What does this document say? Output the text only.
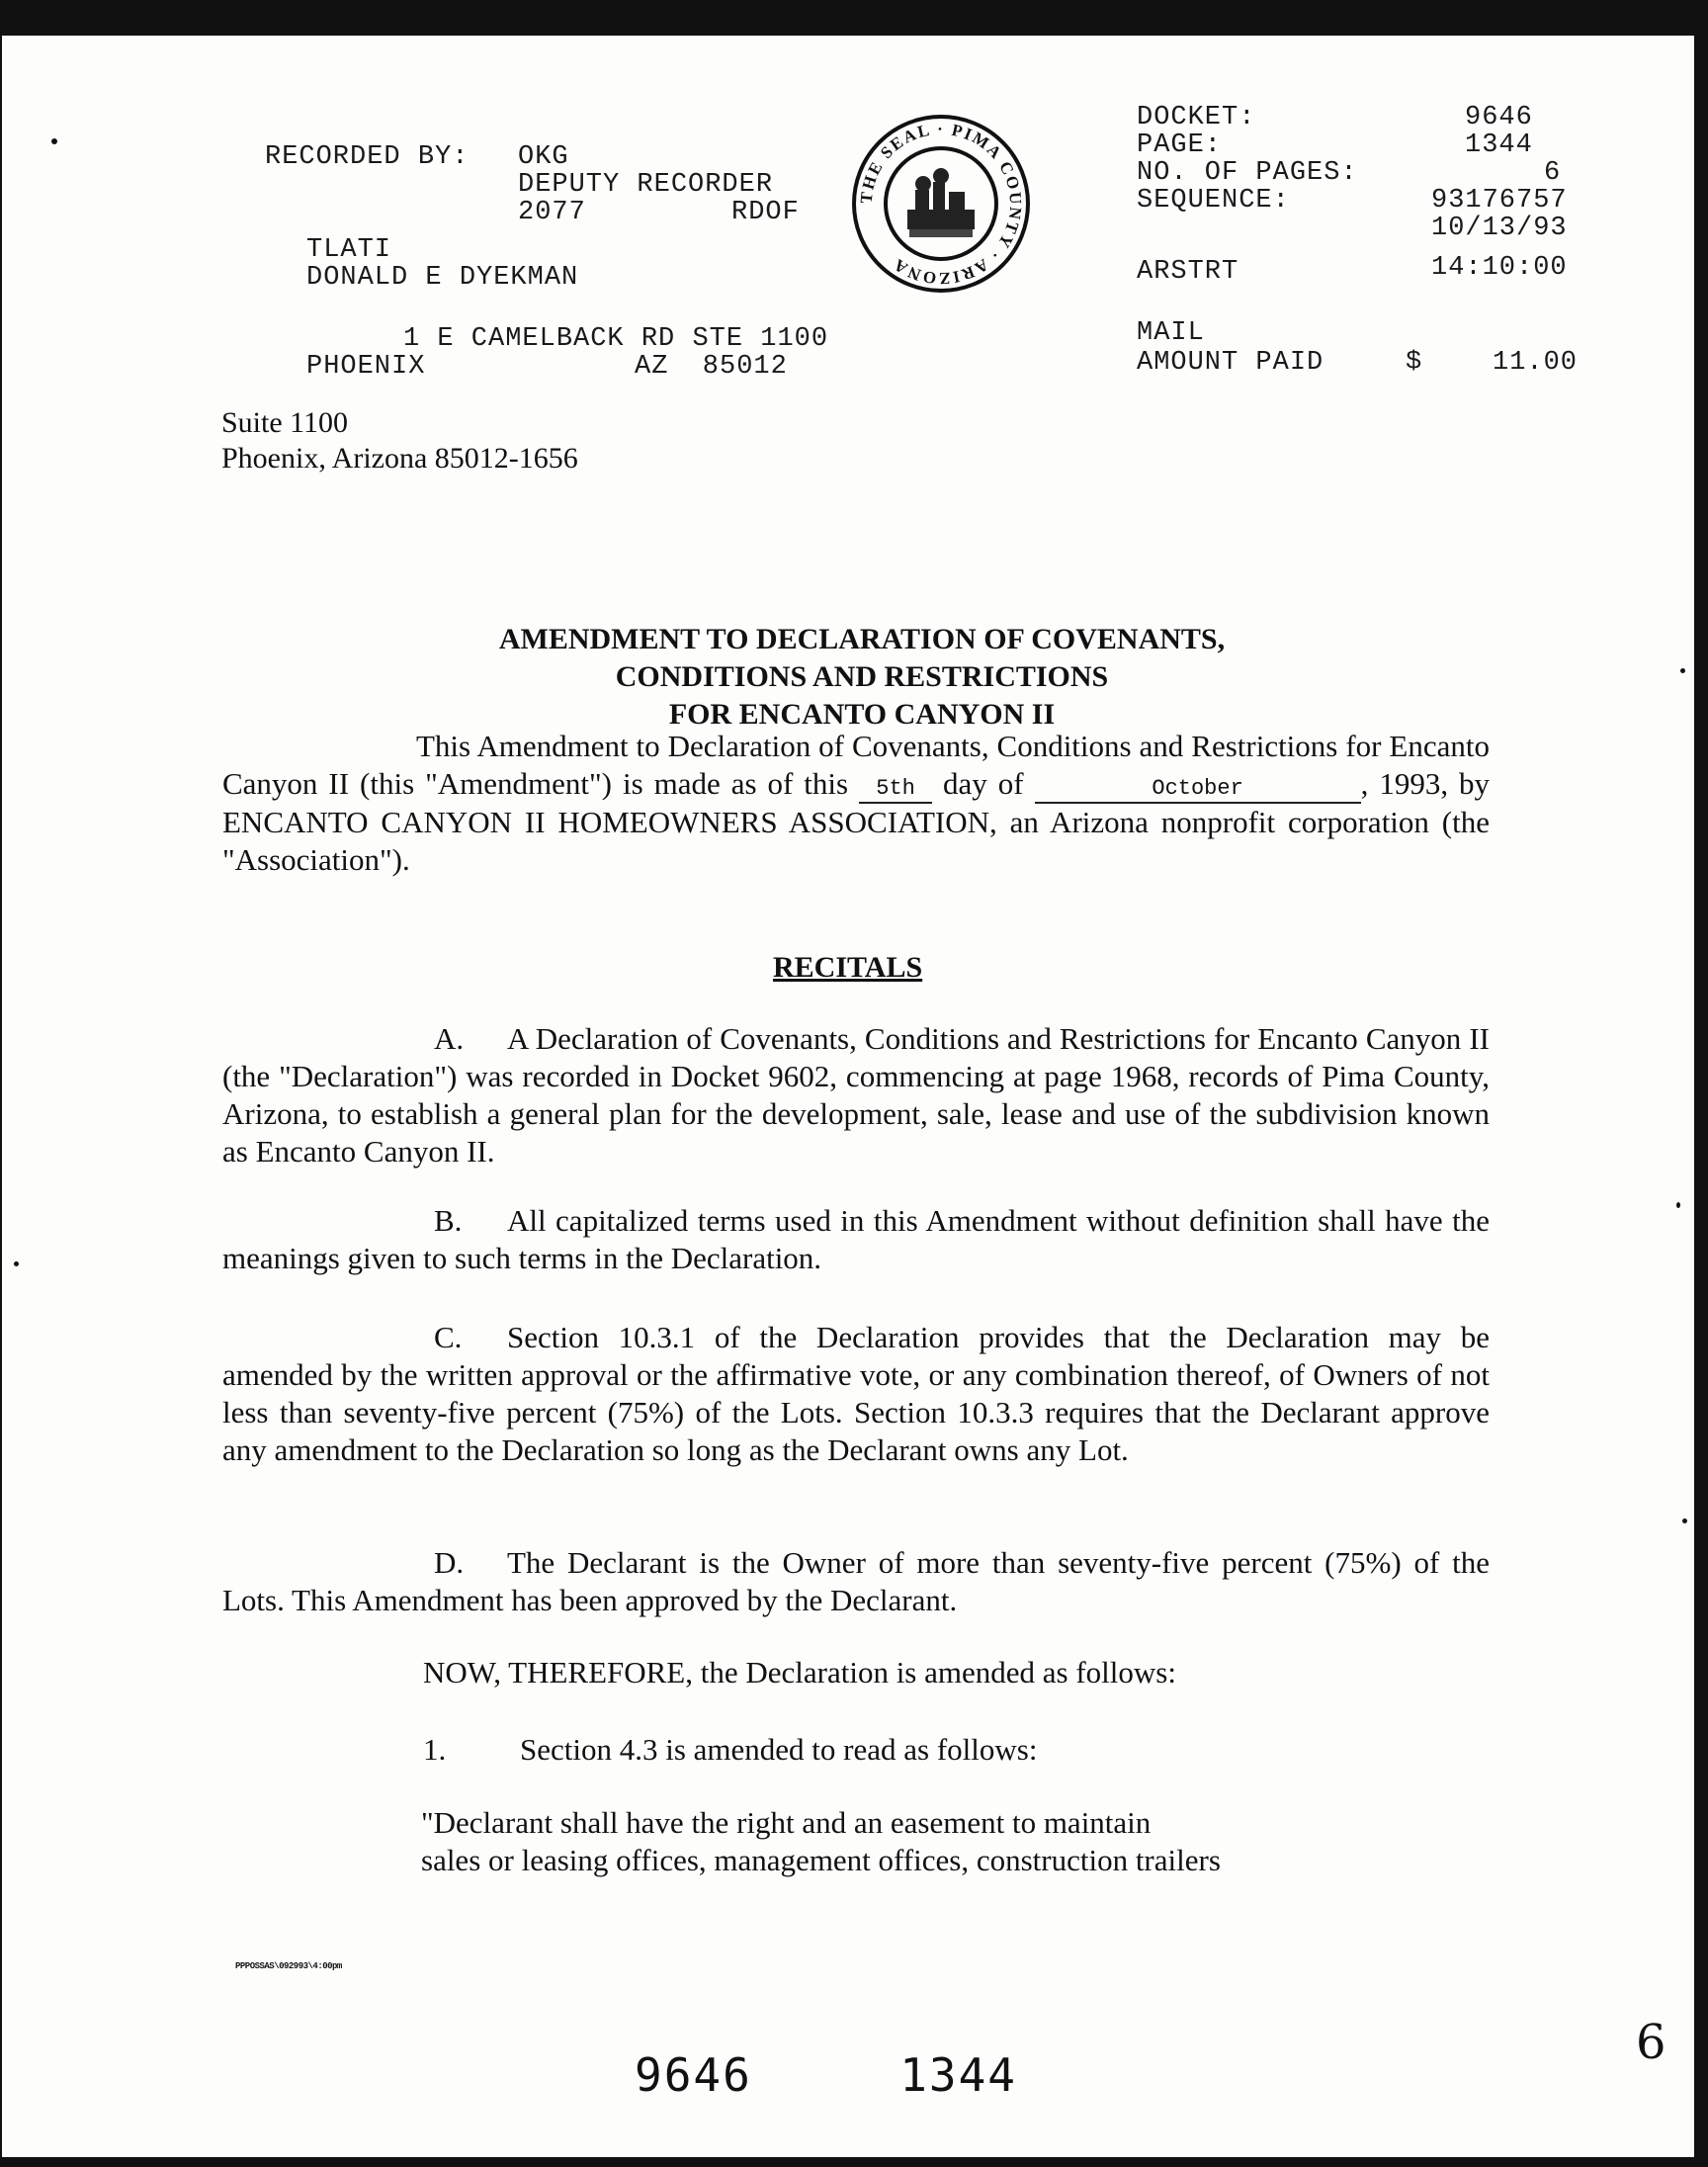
RECORDED BY: OKG
DEPUTY RECORDER
2077	RDOF
TLATI
DONALD E DYEKMAN
1 E CAMELBACK RD STE 1100
PHOENIX	AZ  85012
THE SEAL · PIMA COUNTY · ARIZONA
DOCKET:	9646
PAGE:	1344
NO. OF PAGES:	6
SEQUENCE:	93176757
10/13/93
ARSTRT	14:10:00
MAIL
AMOUNT PAID	$	11.00
Suite 1100
Phoenix, Arizona 85012-1656
AMENDMENT TO DECLARATION OF COVENANTS,
CONDITIONS AND RESTRICTIONS
FOR ENCANTO CANYON II
This Amendment to Declaration of Covenants, Conditions and Restrictions for Encanto Canyon II (this "Amendment") is made as of this 5th day of	October	, 1993, by ENCANTO CANYON II HOMEOWNERS ASSOCIATION, an Arizona nonprofit corporation (the "Association").
RECITALS
A. A Declaration of Covenants, Conditions and Restrictions for Encanto Canyon II (the "Declaration") was recorded in Docket 9602, commencing at page 1968, records of Pima County, Arizona, to establish a general plan for the development, sale, lease and use of the subdivision known as Encanto Canyon II.
B. All capitalized terms used in this Amendment without definition shall have the meanings given to such terms in the Declaration.
C. Section 10.3.1 of the Declaration provides that the Declaration may be amended by the written approval or the affirmative vote, or any combination thereof, of Owners of not less than seventy-five percent (75%) of the Lots. Section 10.3.3 requires that the Declarant approve any amendment to the Declaration so long as the Declarant owns any Lot.
D. The Declarant is the Owner of more than seventy-five percent (75%) of the Lots. This Amendment has been approved by the Declarant.
NOW, THEREFORE, the Declaration is amended as follows:
1. Section 4.3 is amended to read as follows:
"Declarant shall have the right and an easement to maintain
sales or leasing offices, management offices, construction trailers
PPPOSSAS\092993\4:00pm
9646	1344
6
